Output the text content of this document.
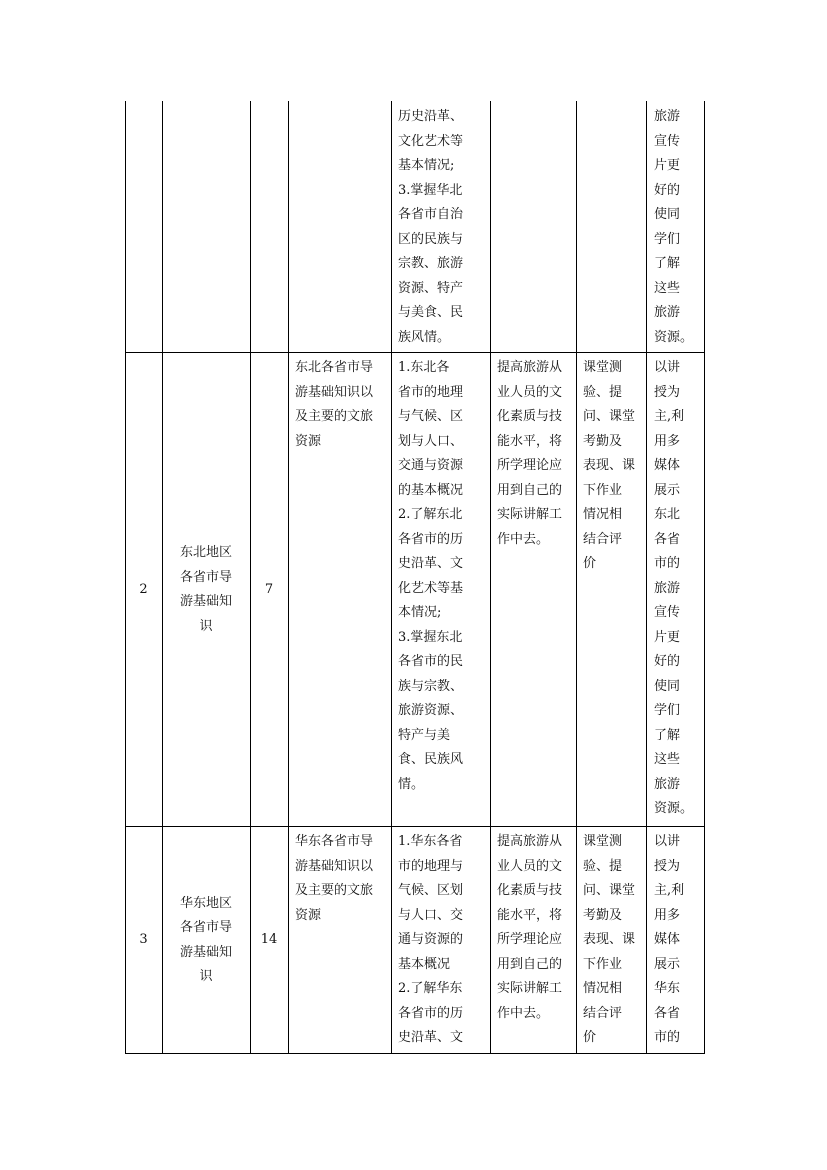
历史沿革、
文化艺术等
基本情况;
3.掌握华北
各省市自治
区的民族与
宗教、旅游
资源、特产
与美食、民
族风情。
旅游
宣传
片更
好的
使同
学们
了解
这些
旅游
资源。
2
东北地区
各省市导
游基础知
识
7
东北各省市导
游基础知识以
及主要的文旅
资源
1.东北各
省市的地理
与气候、区
划与人口、
交通与资源
的基本概况
2.了解东北
各省市的历
史沿革、文
化艺术等基
本情况;
3.掌握东北
各省市的民
族与宗教、
旅游资源、
特产与美
食、民族风
情。
提高旅游从
业人员的文
化素质与技
能水平，将
所学理论应
用到自己的
实际讲解工
作中去。
课堂测
验、提
问、课堂
考勤及
表现、课
下作业
情况相
结合评
价
以讲
授为
主,利
用多
媒体
展示
东北
各省
市的
旅游
宣传
片更
好的
使同
学们
了解
这些
旅游
资源。
3
华东地区
各省市导
游基础知
识
14
华东各省市导
游基础知识以
及主要的文旅
资源
1.华东各省
市的地理与
气候、区划
与人口、交
通与资源的
基本概况
2.了解华东
各省市的历
史沿革、文
提高旅游从
业人员的文
化素质与技
能水平，将
所学理论应
用到自己的
实际讲解工
作中去。
课堂测
验、提
问、课堂
考勤及
表现、课
下作业
情况相
结合评
价
以讲
授为
主,利
用多
媒体
展示
华东
各省
市的
